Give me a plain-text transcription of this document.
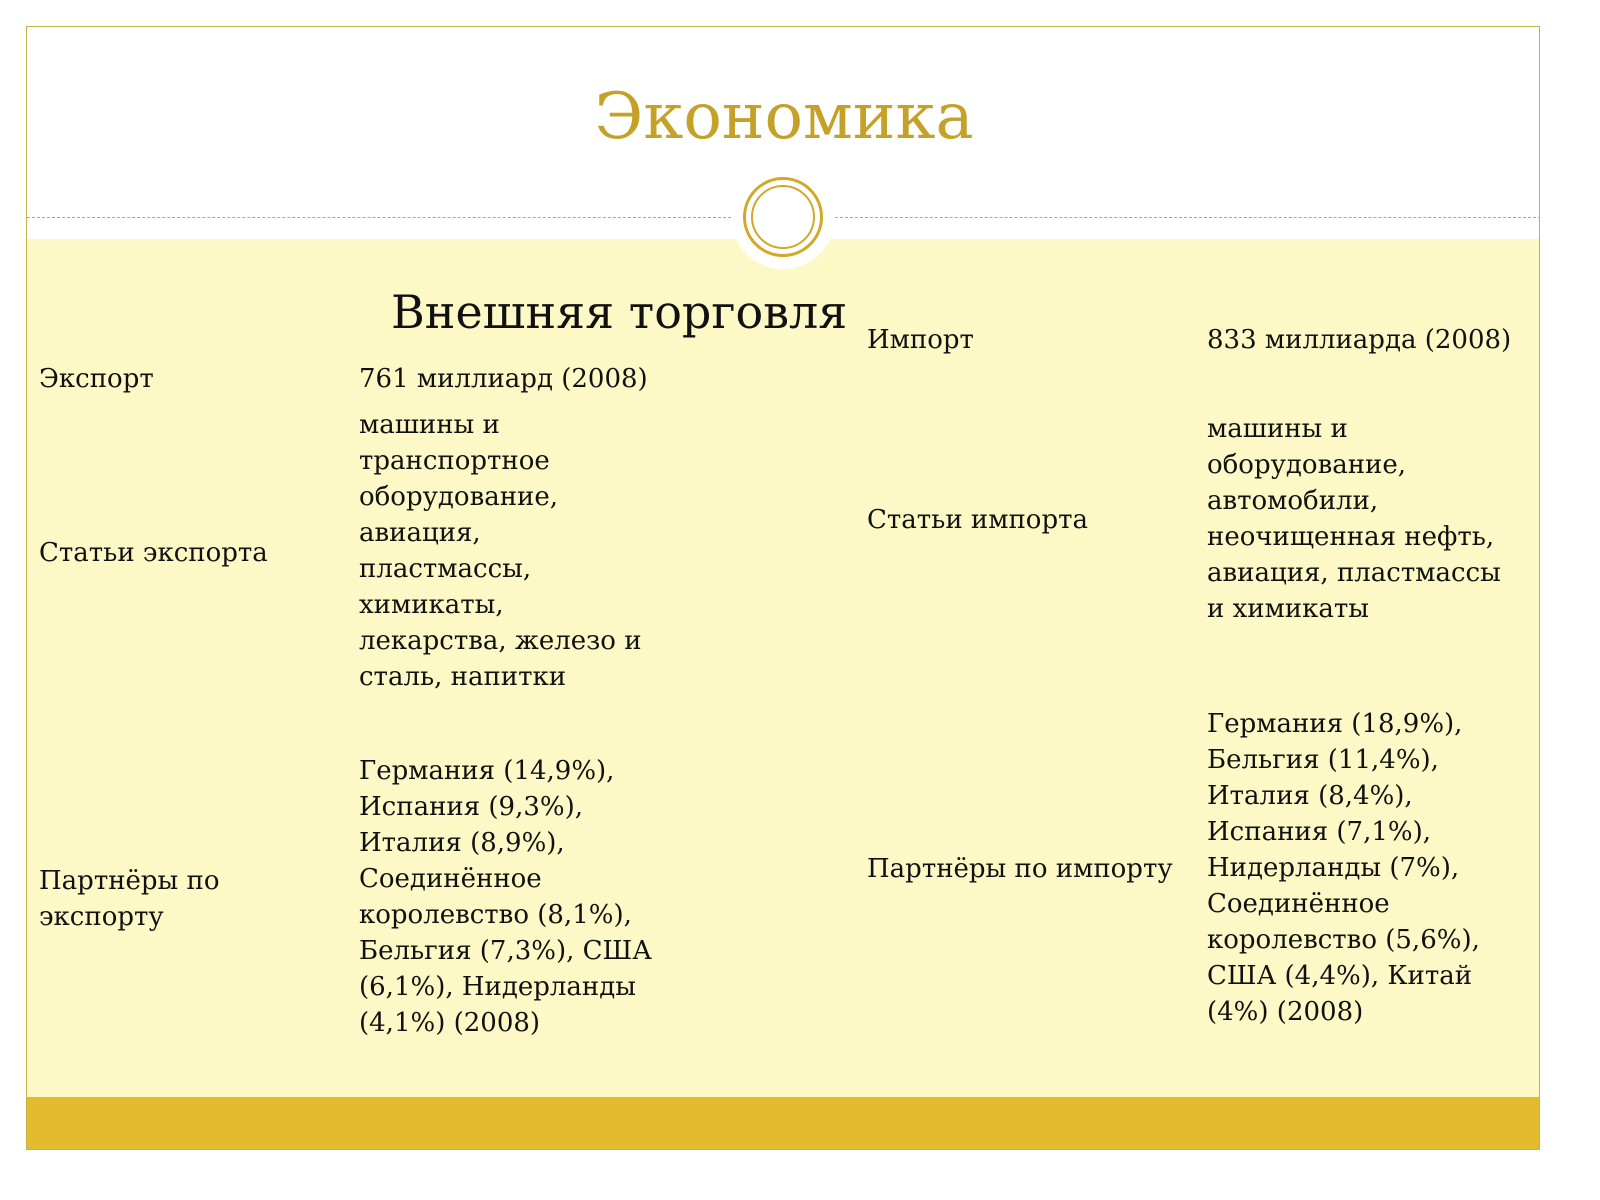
Экономика
Внешняя торговля
Экспорт	761 миллиард (2008)
Статьи экспорта
машины и
транспортное
оборудование,
авиация,
пластмассы,
химикаты,
лекарства, железо и
сталь, напитки
Партнёры по
экспорту
Германия (14,9%),
Испания (9,3%),
Италия (8,9%),
Соединённое
королевство (8,1%),
Бельгия (7,3%), США
(6,1%), Нидерланды
(4,1%) (2008)
Импорт	833 миллиарда (2008)
Статьи импорта
машины и
оборудование,
автомобили,
неочищенная нефть,
авиация, пластмассы
и химикаты
Партнёры по импорту
Германия (18,9%),
Бельгия (11,4%),
Италия (8,4%),
Испания (7,1%),
Нидерланды (7%),
Соединённое
королевство (5,6%),
США (4,4%), Китай
(4%) (2008)
